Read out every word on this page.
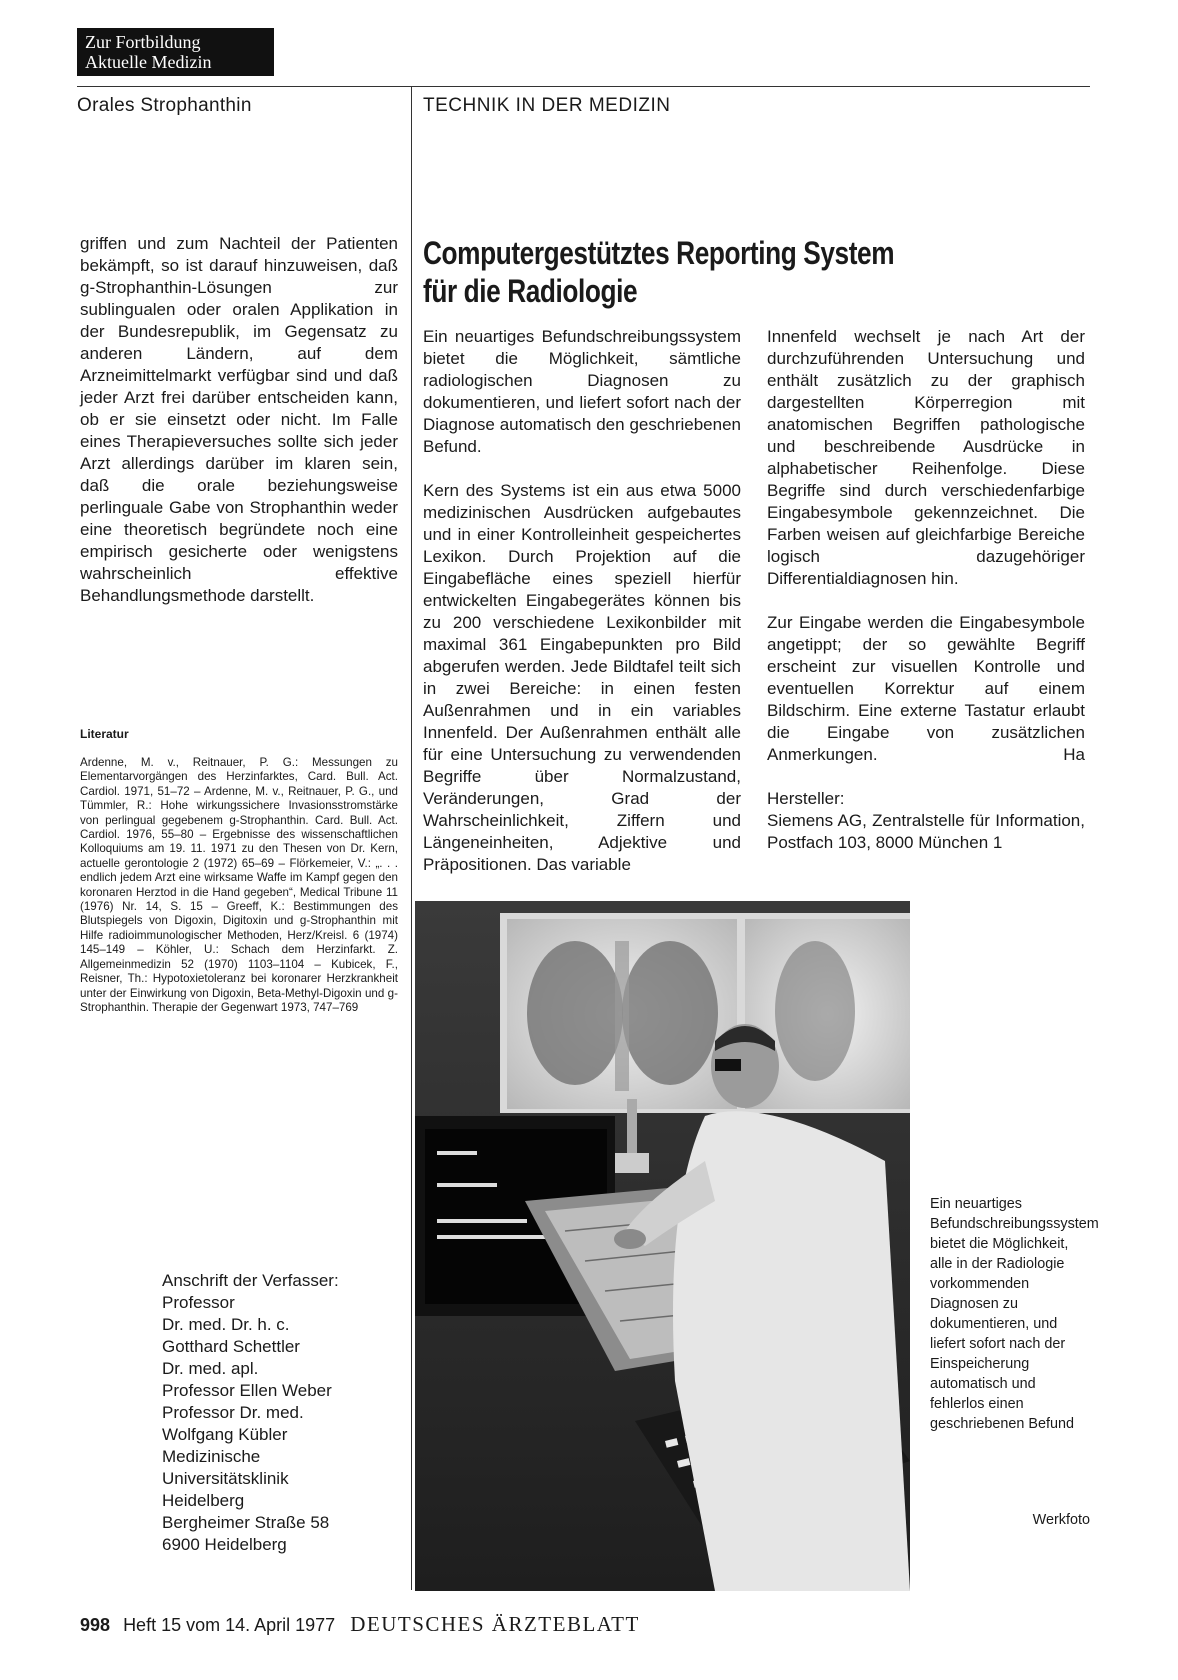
Zur Fortbildung
Aktuelle Medizin
Orales Strophanthin	TECHNIK IN DER MEDIZIN

griffen und zum Nachteil der Patienten bekämpft, so ist darauf hinzuweisen, daß g-Strophanthin-Lösungen zur sublingualen oder oralen Applikation in der Bundesrepublik, im Gegensatz zu anderen Ländern, auf dem Arzneimittelmarkt verfügbar sind und daß jeder Arzt frei darüber entscheiden kann, ob er sie einsetzt oder nicht. Im Falle eines Therapieversuches sollte sich jeder Arzt allerdings darüber im klaren sein, daß die orale beziehungsweise perlinguale Gabe von Strophanthin weder eine theoretisch begründete noch eine empirisch gesicherte oder wenigstens wahrscheinlich effektive Behandlungsmethode darstellt.

Literatur
Ardenne, M. v., Reitnauer, P. G.: Messungen zu Elementarvorgängen des Herzinfarktes, Card. Bull. Act. Cardiol. 1971, 51–72 – Ardenne, M. v., Reitnauer, P. G., und Tümmler, R.: Hohe wirkungssichere Invasionsstromstärke von perlingual gegebenem g-Strophanthin. Card. Bull. Act. Cardiol. 1976, 55–80 – Ergebnisse des wissenschaftlichen Kolloquiums am 19. 11. 1971 zu den Thesen von Dr. Kern, actuelle gerontologie 2 (1972) 65–69 – Flörkemeier, V.: „. . . endlich jedem Arzt eine wirksame Waffe im Kampf gegen den koronaren Herztod in die Hand gegeben“, Medical Tribune 11 (1976) Nr. 14, S. 15 – Greeff, K.: Bestimmungen des Blutspiegels von Digoxin, Digitoxin und g-Strophanthin mit Hilfe radioimmunologischer Methoden, Herz/Kreisl. 6 (1974) 145–149 – Köhler, U.: Schach dem Herzinfarkt. Z. Allgemeinmedizin 52 (1970) 1103–1104 – Kubicek, F., Reisner, Th.: Hypotoxietoleranz bei koronarer Herzkrankheit unter der Einwirkung von Digoxin, Beta-Methyl-Digoxin und g-Strophanthin. Therapie der Gegenwart 1973, 747–769
Anschrift der Verfasser:
Professor
Dr. med. Dr. h. c.
Gotthard Schettler
Dr. med. apl.
Professor Ellen Weber
Professor Dr. med.
Wolfgang Kübler
Medizinische
Universitätsklinik
Heidelberg
Bergheimer Straße 58
6900 Heidelberg
Computergestütztes Reporting System
für die Radiologie

Ein neuartiges Befundschreibungssystem bietet die Möglichkeit, sämtliche radiologischen Diagnosen zu dokumentieren, und liefert sofort nach der Diagnose automatisch den geschriebenen Befund.

Kern des Systems ist ein aus etwa 5000 medizinischen Ausdrücken aufgebautes und in einer Kontrolleinheit gespeichertes Lexikon. Durch Projektion auf die Eingabefläche eines speziell hierfür entwickelten Eingabegerätes können bis zu 200 verschiedene Lexikonbilder mit maximal 361 Eingabepunkten pro Bild abgerufen werden. Jede Bildtafel teilt sich in zwei Bereiche: in einen festen Außenrahmen und in ein variables Innenfeld. Der Außenrahmen enthält alle für eine Untersuchung zu verwendenden Begriffe über Normalzustand, Veränderungen, Grad der Wahrscheinlichkeit, Ziffern und Längeneinheiten, Adjektive und Präpositionen. Das variable

Innenfeld wechselt je nach Art der durchzuführenden Untersuchung und enthält zusätzlich zu der graphisch dargestellten Körperregion mit anatomischen Begriffen pathologische und beschreibende Ausdrücke in alphabetischer Reihenfolge. Diese Begriffe sind durch verschiedenfarbige Eingabesymbole gekennzeichnet. Die Farben weisen auf gleichfarbige Bereiche logisch dazugehöriger Differentialdiagnosen hin.

Zur Eingabe werden die Eingabesymbole angetippt; der so gewählte Begriff erscheint zur visuellen Kontrolle und eventuellen Korrektur auf einem Bildschirm. Eine externe Tastatur erlaubt die Eingabe von zusätzlichen Anmerkungen.	Ha

Hersteller:

Siemens AG, Zentralstelle für Information, Postfach 103, 8000 München 1

Ein neuartiges Befundschreibungssystem bietet die Möglichkeit, alle in der Radiologie vorkommenden Diagnosen zu dokumentieren, und liefert sofort nach der Einspeicherung automatisch und fehlerlos einen geschriebenen Befund
Werkfoto
998 Heft 15 vom 14. April 1977 DEUTSCHES ÄRZTEBLATT
